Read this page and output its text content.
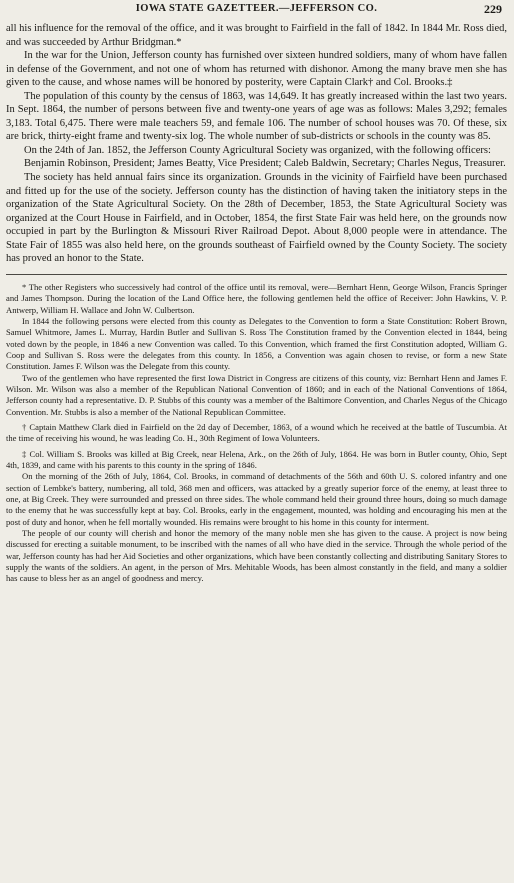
IOWA STATE GAZETTEER.—JEFFERSON CO.	229

all his influence for the removal of the office, and it was brought to Fairfield in the fall of 1842. In 1844 Mr. Ross died, and was succeeded by Arthur Bridgman.*

In the war for the Union, Jefferson county has furnished over sixteen hundred soldiers, many of whom have fallen in defense of the Government, and not one of whom has returned with dishonor. Among the many brave men she has given to the cause, and whose names will be honored by posterity, were Captain Clark† and Col. Brooks.‡

The population of this county by the census of 1863, was 14,649. It has greatly increased within the last two years. In Sept. 1864, the number of persons between five and twenty-one years of age was as follows: Males 3,292; females 3,183. Total 6,475. There were male teachers 59, and female 106. The number of school houses was 70. Of these, six are brick, thirty-eight frame and twenty-six log. The whole number of sub-districts or schools in the county was 85.

On the 24th of Jan. 1852, the Jefferson County Agricultural Society was organized, with the following officers:

Benjamin Robinson, President; James Beatty, Vice President; Caleb Baldwin, Secretary; Charles Negus, Treasurer.

The society has held annual fairs since its organization. Grounds in the vicinity of Fairfield have been purchased and fitted up for the use of the society. Jefferson county has the distinction of having taken the initiatory steps in the organization of the State Agricultural Society. On the 28th of December, 1853, the State Agricultural Society was organized at the Court House in Fairfield, and in October, 1854, the first State Fair was held here, on the grounds now occupied in part by the Burlington & Missouri River Railroad Depot. About 8,000 people were in attendance. The State Fair of 1855 was also held here, on the grounds southeast of Fairfield owned by the County Society. The society has proved an honor to the State.

* The other Registers who successively had control of the office until its removal, were—Bernhart Henn, George Wilson, Francis Springer and James Thompson. During the location of the Land Office here, the following gentlemen held the office of Receiver: John Hawkins, V. P. Antwerp, William H. Wallace and John W. Culbertson.

In 1844 the following persons were elected from this county as Delegates to the Convention to form a State Constitution: Robert Brown, Samuel Whitmore, James L. Murray, Hardin Butler and Sullivan S. Ross The Constitution framed by the Convention elected in 1844, being voted down by the people, in 1846 a new Convention was called. To this Convention, which framed the first Constitution adopted, William G. Coop and Sullivan S. Ross were the delegates from this county. In 1856, a Convention was again chosen to revise, or form a new State Constitution. James F. Wilson was the Delegate from this county.

Two of the gentlemen who have represented the first Iowa District in Congress are citizens of this county, viz: Bernhart Henn and James F. Wilson. Mr. Wilson was also a member of the Republican National Convention of 1860; and in each of the National Conventions of 1864, Jefferson county had a representative. D. P. Stubbs of this county was a member of the Baltimore Convention, and Charles Negus of the Chicago Convention. Mr. Stubbs is also a member of the National Republican Committee.

† Captain Matthew Clark died in Fairfield on the 2d day of December, 1863, of a wound which he received at the battle of Tuscumbia. At the time of receiving his wound, he was leading Co. H., 30th Regiment of Iowa Volunteers.

‡ Col. William S. Brooks was killed at Big Creek, near Helena, Ark., on the 26th of July, 1864. He was born in Butler county, Ohio, Sept 4th, 1839, and came with his parents to this county in the spring of 1846.

On the morning of the 26th of July, 1864, Col. Brooks, in command of detachments of the 56th and 60th U. S. colored infantry and one section of Lembke's battery, numbering, all told, 368 men and officers, was attacked by a greatly superior force of the enemy, at least three to one, at Big Creek. They were surrounded and pressed on three sides. The whole command held their ground three hours, doing so much damage to the enemy that he was successfully kept at bay. Col. Brooks, early in the engagement, mounted, was holding and encouraging his men at the post of duty and honor, when he fell mortally wounded. His remains were brought to his home in this county for interment.

The people of our county will cherish and honor the memory of the many noble men she has given to the cause. A project is now being discussed for erecting a suitable monument, to be inscribed with the names of all who have died in the service. Through the whole period of the war, Jefferson county has had her Aid Societies and other organizations, which have been constantly collecting and distributing Sanitary Stores to supply the wants of the soldiers. An agent, in the person of Mrs. Mehitable Woods, has been almost constantly in the field, and many a soldier has cause to bless her as an angel of goodness and mercy.
